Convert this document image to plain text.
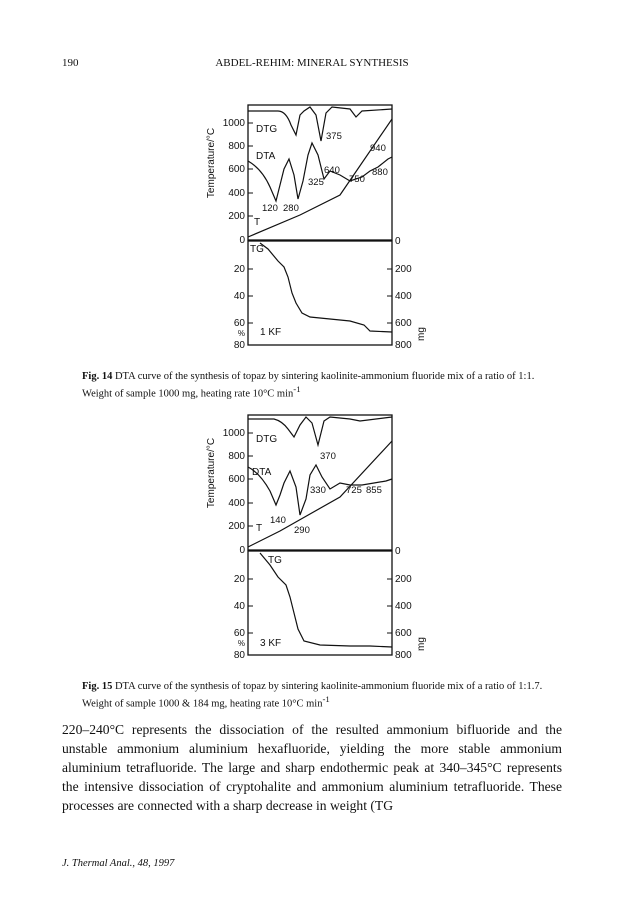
190	ABDEL-REHIM: MINERAL SYNTHESIS
Temperature/°C
1000
800
600
400
200
0
DTG
DTA
T
375
940
640
750
880
325
120 280
20
40
60
%
80
0
200
400
600
800
mg
TG
1 KF
Fig. 14 DTA curve of the synthesis of topaz by sintering kaolinite-ammonium fluoride mix of a ratio of 1:1. Weight of sample 1000 mg, heating rate 10°C $\min^{-1}$
Temperature/°C
1000
800
600
400
200
0
DTG
DTA
T
370
330 725 855
140
290
20
40
60
%
80
0
200
400
600
800
mg
TG
3 KF
Fig. 15 DTA curve of the synthesis of topaz by sintering kaolinite-ammonium fluoride mix of a ratio of 1:1.7. Weight of sample 1000 & 184 mg, heating rate 10°C $\min^{-1}$
220–240°C represents the dissociation of the resulted ammonium bifluoride and the unstable ammonium aluminium hexafluoride, yielding the more stable ammonium aluminium tetrafluoride. The large and sharp endothermic peak at 340–345°C represents the intensive dissociation of cryptohalite and ammonium aluminium tetrafluoride. These processes are connected with a sharp decrease in weight (TG
J. Thermal Anal., 48, 1997
